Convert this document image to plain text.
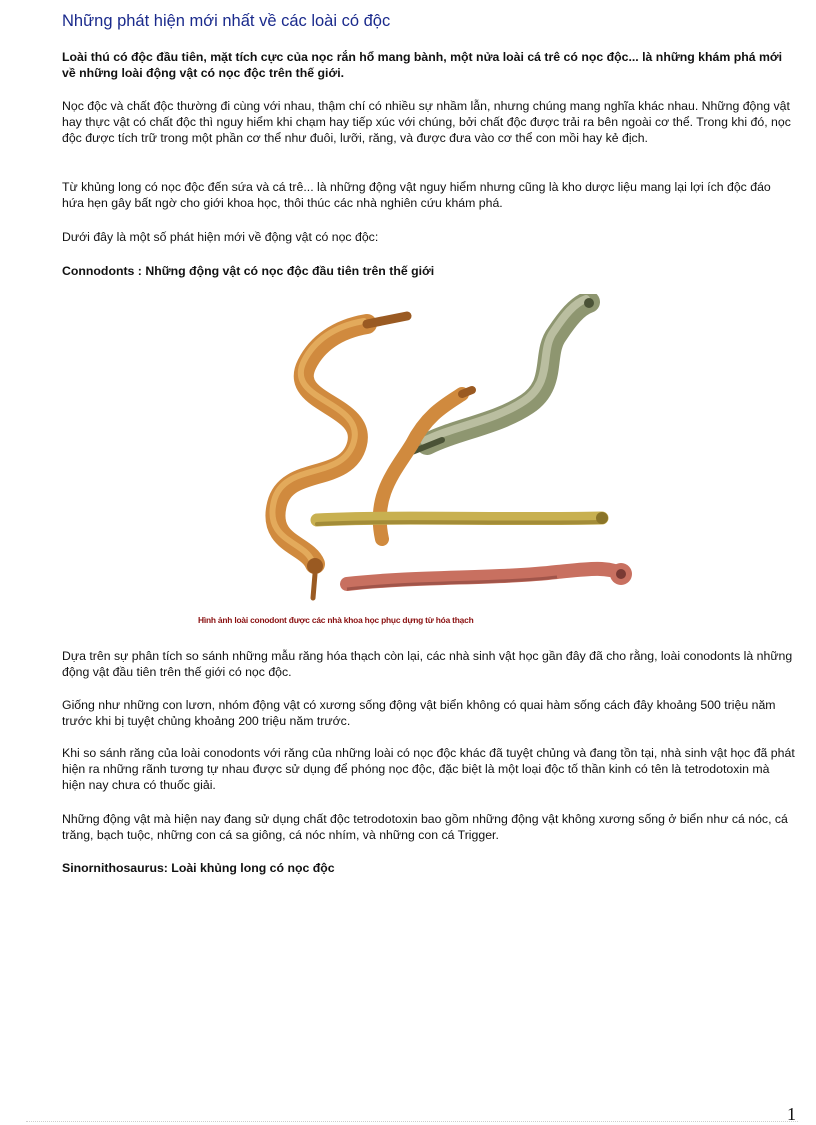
Những phát hiện mới nhất về các loài có độc

Loài thú có độc đầu tiên, mặt tích cực của nọc rắn hổ mang bành, một nửa loài cá trê có nọc độc... là những khám phá mới về những loài động vật có nọc độc trên thế giới.

Nọc độc và chất độc thường đi cùng với nhau, thậm chí có nhiều sự nhầm lẫn, nhưng chúng mang nghĩa khác nhau. Những động vật hay thực vật có chất độc thì nguy hiểm khi chạm hay tiếp xúc với chúng, bởi chất độc được trải ra bên ngoài cơ thể. Trong khi đó, nọc độc được tích trữ trong một phần cơ thể như đuôi, lưỡi, răng, và được đưa vào cơ thể con mồi hay kẻ địch.

Từ khủng long có nọc độc đến sứa và cá trê... là những động vật nguy hiểm nhưng cũng là kho dược liệu mang lại lợi ích độc đáo hứa hẹn gây bất ngờ cho giới khoa học, thôi thúc các nhà nghiên cứu khám phá.

Dưới đây là một số phát hiện mới về động vật có nọc độc:

Connodonts : Những động vật có nọc độc đầu tiên trên thế giới

Hình ảnh loài conodont được các nhà khoa học phục dựng từ hóa thạch

Dựa trên sự phân tích so sánh những mẫu răng hóa thạch còn lại, các nhà sinh vật học gần đây đã cho rằng, loài conodonts là những động vật đầu tiên trên thế giới có nọc độc.

Giống như những con lươn, nhóm động vật có xương sống động vật biển không có quai hàm sống cách đây khoảng 500 triệu năm trước khi bị tuyệt chủng khoảng 200 triệu năm trước.

Khi so sánh răng của loài conodonts với răng của những loài có nọc độc khác đã tuyệt chủng và đang tồn tại, nhà sinh vật học đã phát hiện ra những rãnh tương tự nhau được sử dụng để phóng nọc độc, đặc biệt là một loại độc tố thần kinh có tên là tetrodotoxin mà hiện nay chưa có thuốc giải.

Những động vật mà hiện nay đang sử dụng chất độc tetrodotoxin bao gồm những động vật không xương sống ở biển như cá nóc, cá trăng, bạch tuộc, những con cá sa giông, cá nóc nhím, và những con cá Trigger.

Sinornithosaurus: Loài khủng long có nọc độc

1
